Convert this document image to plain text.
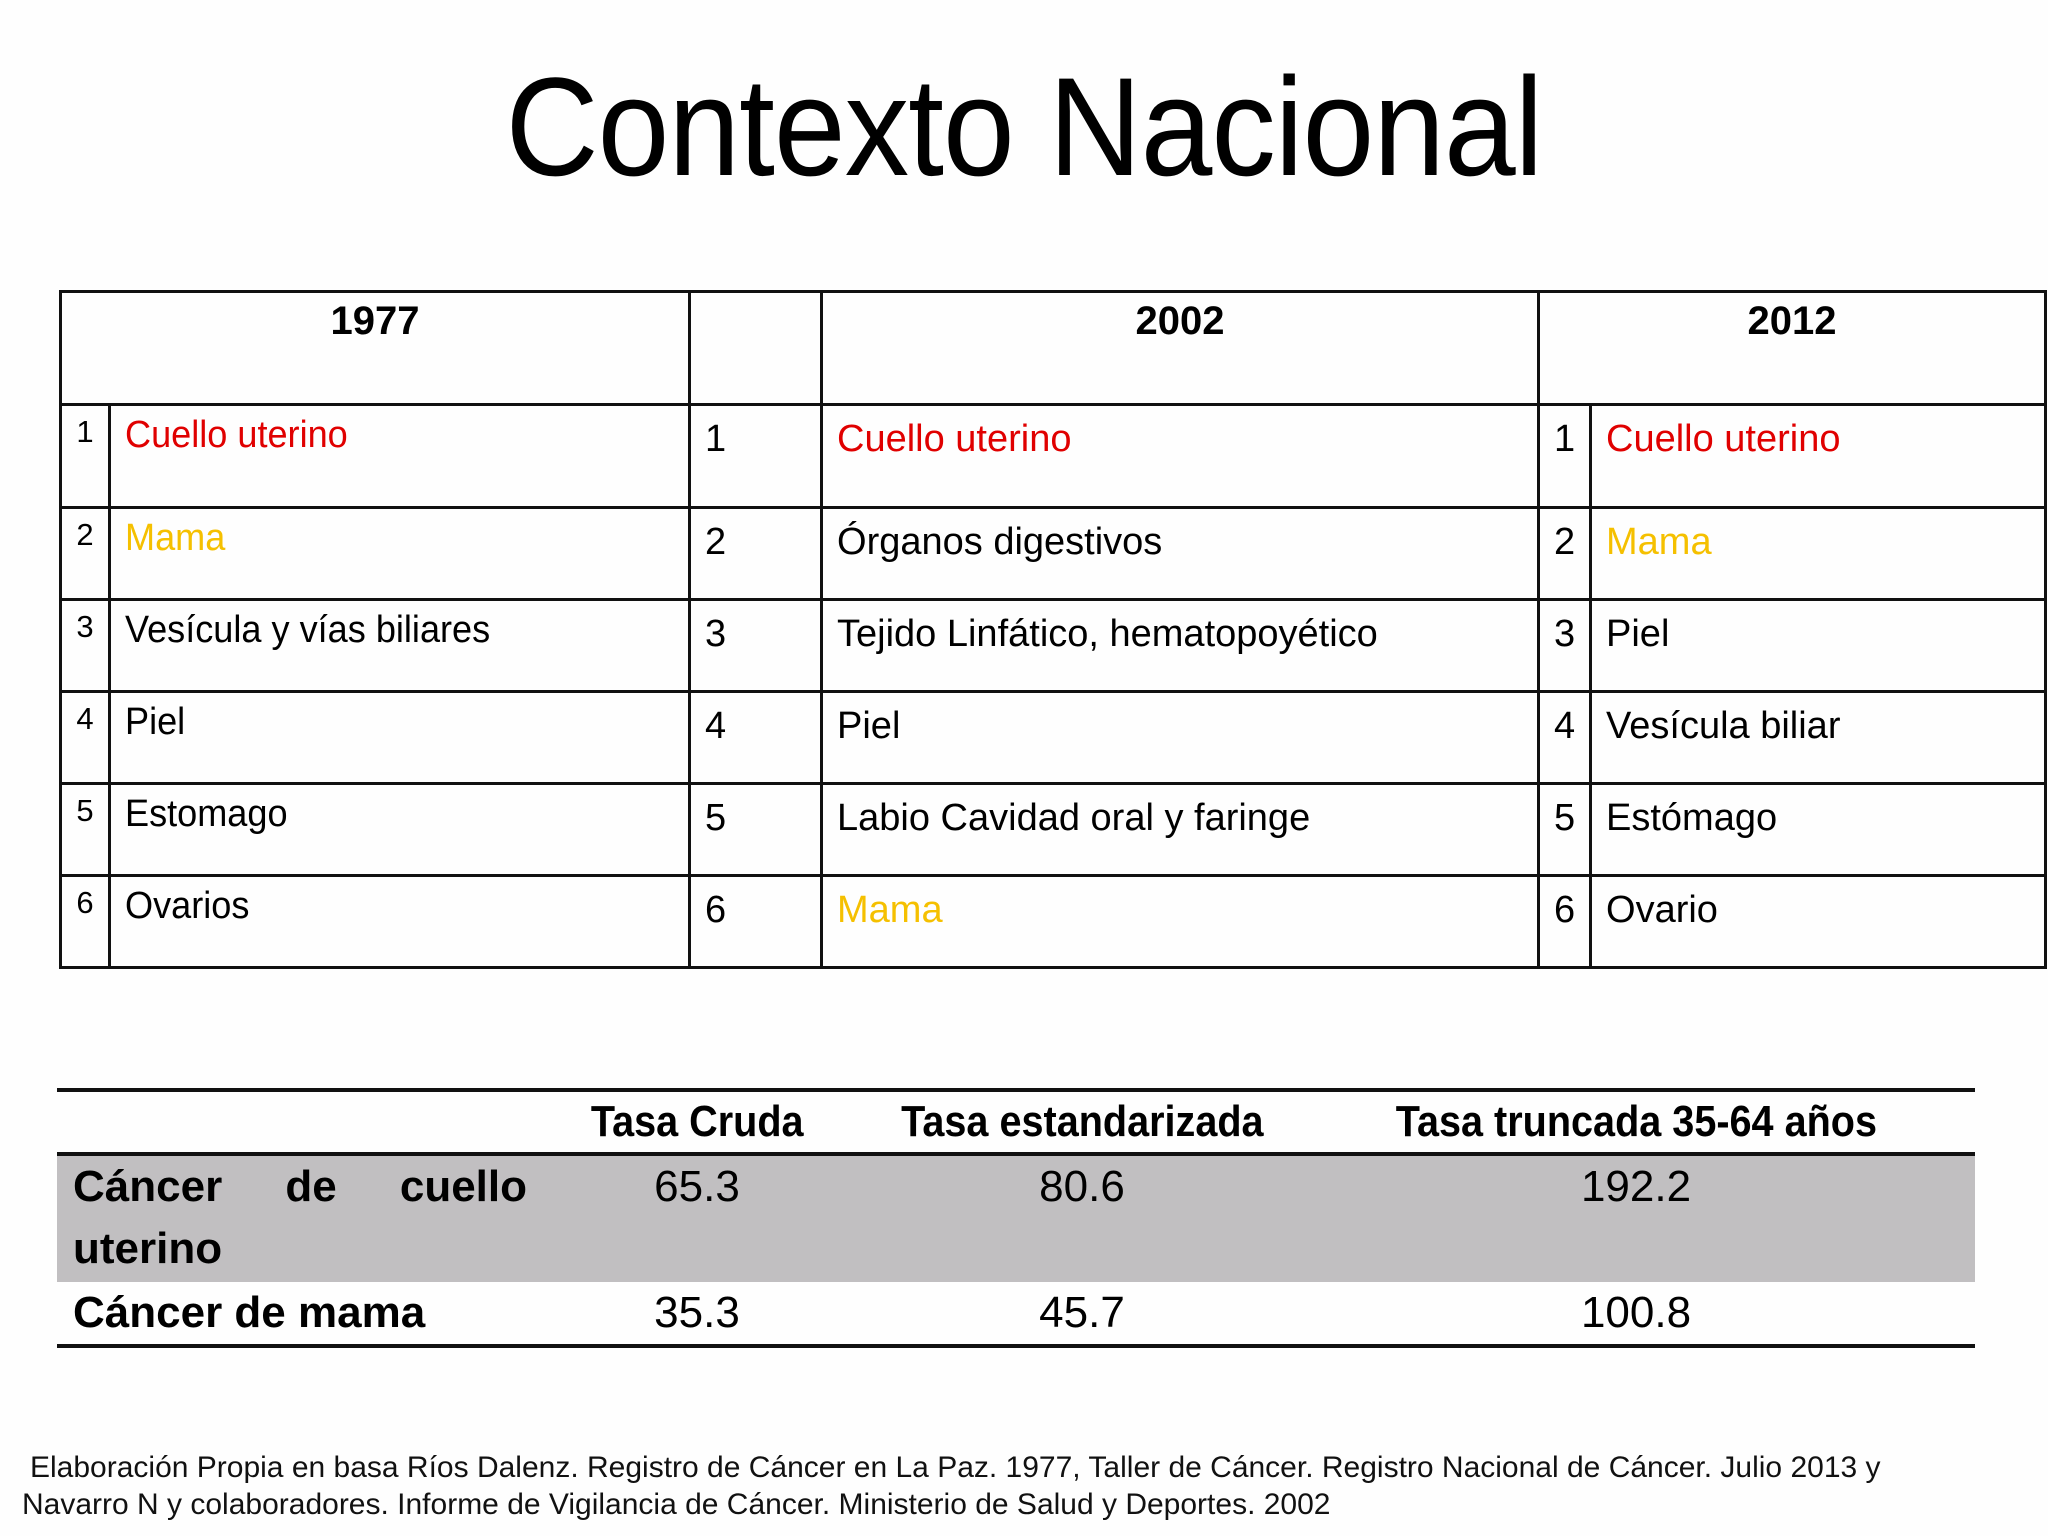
Contexto Nacional
1977			2002	2012	
1	Cuello uterino	1	Cuello uterino	1	Cuello uterino
2	Mama	2	Órganos digestivos	2	Mama
3	Vesícula y vías biliares	3	Tejido Linfático, hematopoyético	3	Piel
4	Piel	4	Piel	4	Vesícula biliar
5	Estomago	5	Labio Cavidad oral y faringe	5	Estómago
6	Ovarios	6	Mama	6	Ovario
	Tasa Cruda	Tasa estandarizada	Tasa truncada 35-64 años
Cáncer de cuello uterino	65.3	80.6	192.2
Cáncer de mama	35.3	45.7	100.8
Elaboración Propia en basa Ríos Dalenz. Registro de Cáncer en La Paz. 1977, Taller de Cáncer. Registro Nacional de Cáncer. Julio 2013 y
Navarro N y colaboradores. Informe de Vigilancia de Cáncer. Ministerio de Salud y Deportes. 2002
